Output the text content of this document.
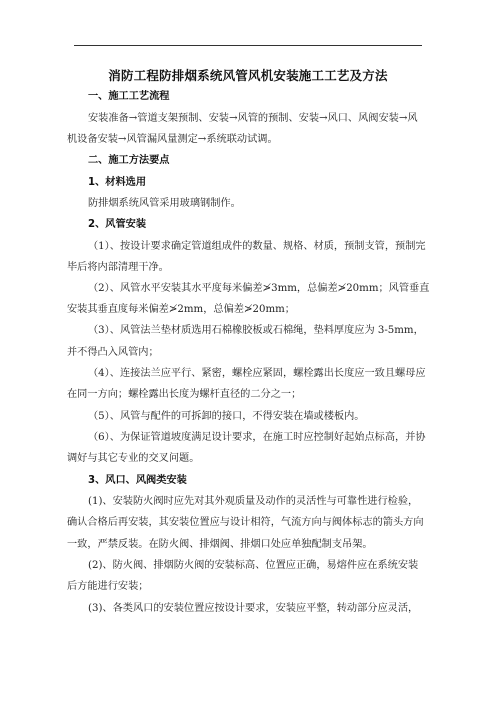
消防工程防排烟系统风管风机安装施工工艺及方法
一、施工工艺流程
安装准备→管道支架预制、安装→风管的预制、安装→风口、风阀安装→风
机设备安装→风管漏风量测定→系统联动试调。
二、施工方法要点
1、材料选用
防排烟系统风管采用玻璃钢制作。
2、风管安装
（1）、按设计要求确定管道组成件的数量、规格、材质，预制支管，预制完
毕后将内部清理干净。
（2）、风管水平安装其水平度每米偏差≯3mm，总偏差≯20mm；风管垂直
安装其垂直度每米偏差≯2mm，总偏差≯20mm；
（3）、风管法兰垫材质选用石棉橡胶板或石棉绳，垫料厚度应为 3-5mm，
并不得凸入风管内；
（4）、连接法兰应平行、紧密，螺栓应紧固，螺栓露出长度应一致且螺母应
在同一方向；螺栓露出长度为螺杆直径的二分之一；
（5）、风管与配件的可拆卸的接口，不得安装在墙或楼板内。
（6）、为保证管道坡度满足设计要求，在施工时应控制好起始点标高，并协
调好与其它专业的交叉问题。
3、风口、风阀类安装
(1)、安装防火阀时应先对其外观质量及动作的灵活性与可靠性进行检验，
确认合格后再安装，其安装位置应与设计相符，气流方向与阀体标志的箭头方向
一致，严禁反装。在防火阀、排烟阀、排烟口处应单独配制支吊架。
(2)、防火阀、排烟防火阀的安装标高、位置应正确，易熔件应在系统安装
后方能进行安装；
(3)、各类风口的安装位置应按设计要求，安装应平整，转动部分应灵活，
